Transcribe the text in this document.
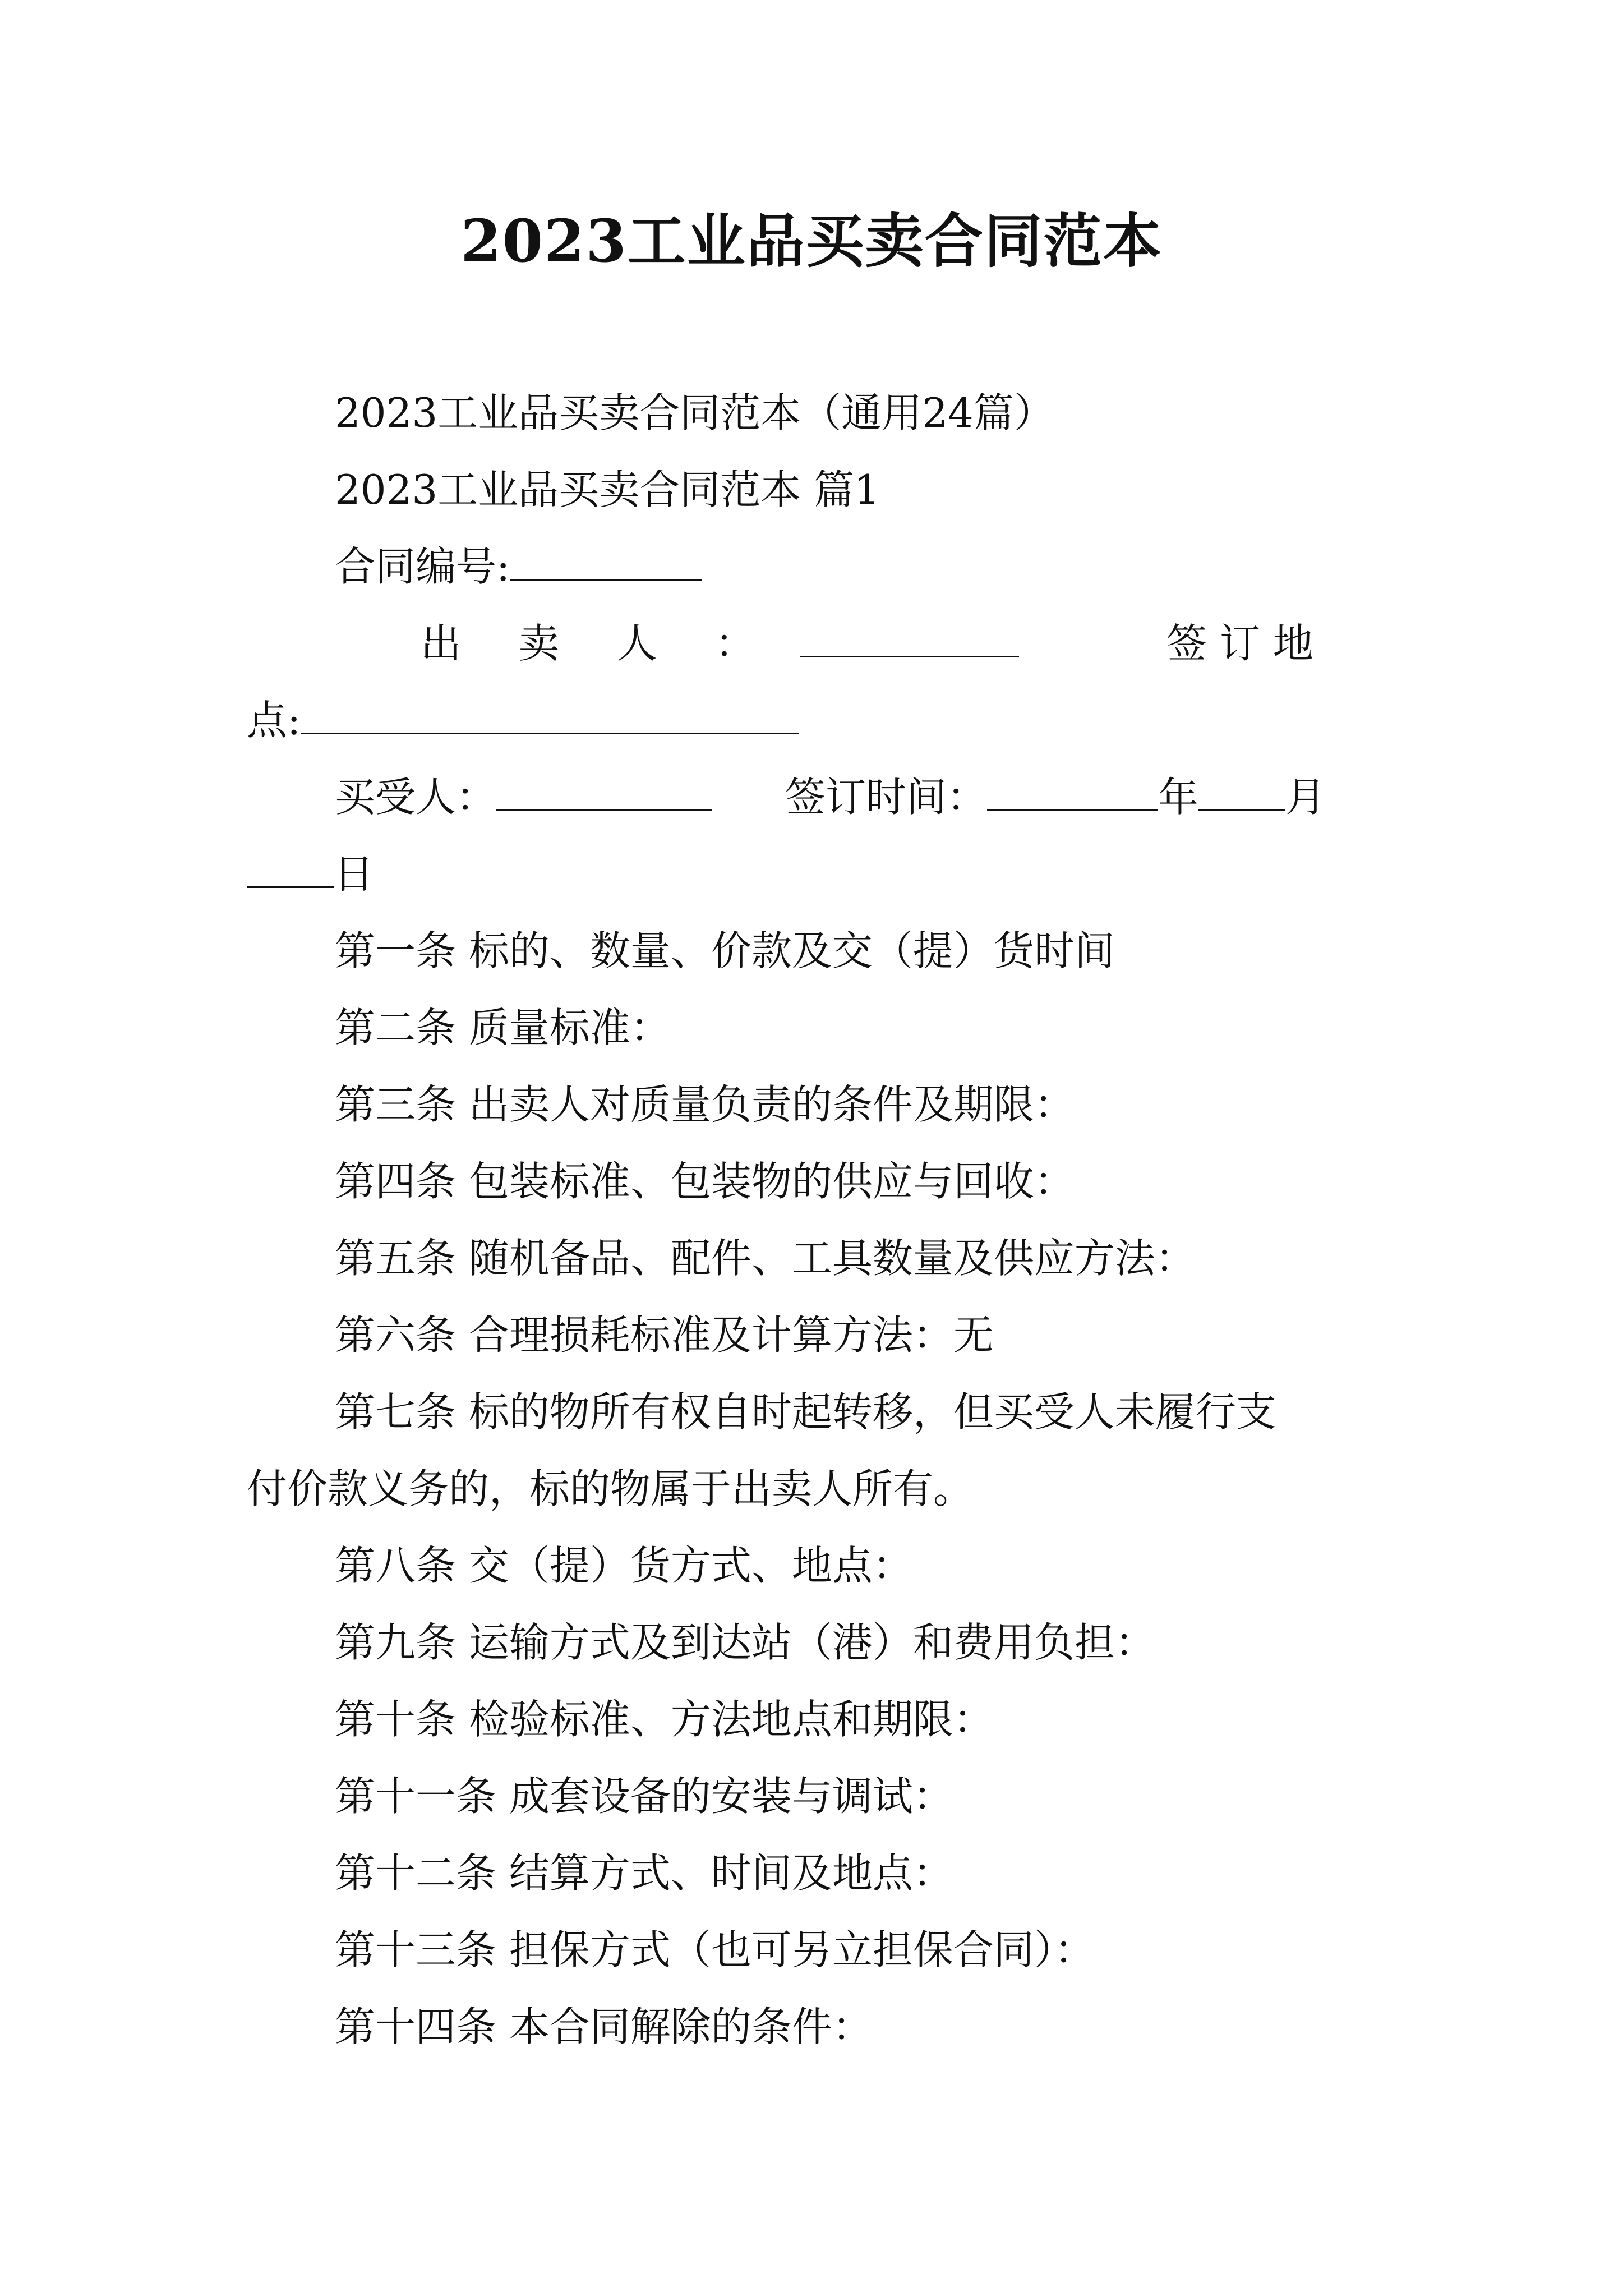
2023工业品买卖合同范本
2023工业品买卖合同范本（通用24篇）
2023工业品买卖合同范本 篇1
合同编号:
出 卖 人 ：	签 订 地
点:
买受人：	签订时间：	年 月
日
第一条 标的、数量、价款及交（提）货时间
第二条 质量标准：
第三条 出卖人对质量负责的条件及期限：
第四条 包装标准、包装物的供应与回收：
第五条 随机备品、配件、工具数量及供应方法：
第六条 合理损耗标准及计算方法：无
第七条 标的物所有权自时起转移，但买受人未履行支
付价款义务的，标的物属于出卖人所有。
第八条 交（提）货方式、地点：
第九条 运输方式及到达站（港）和费用负担：
第十条 检验标准、方法地点和期限：
第十一条 成套设备的安装与调试：
第十二条 结算方式、时间及地点：
第十三条 担保方式（也可另立担保合同）：
第十四条 本合同解除的条件：
